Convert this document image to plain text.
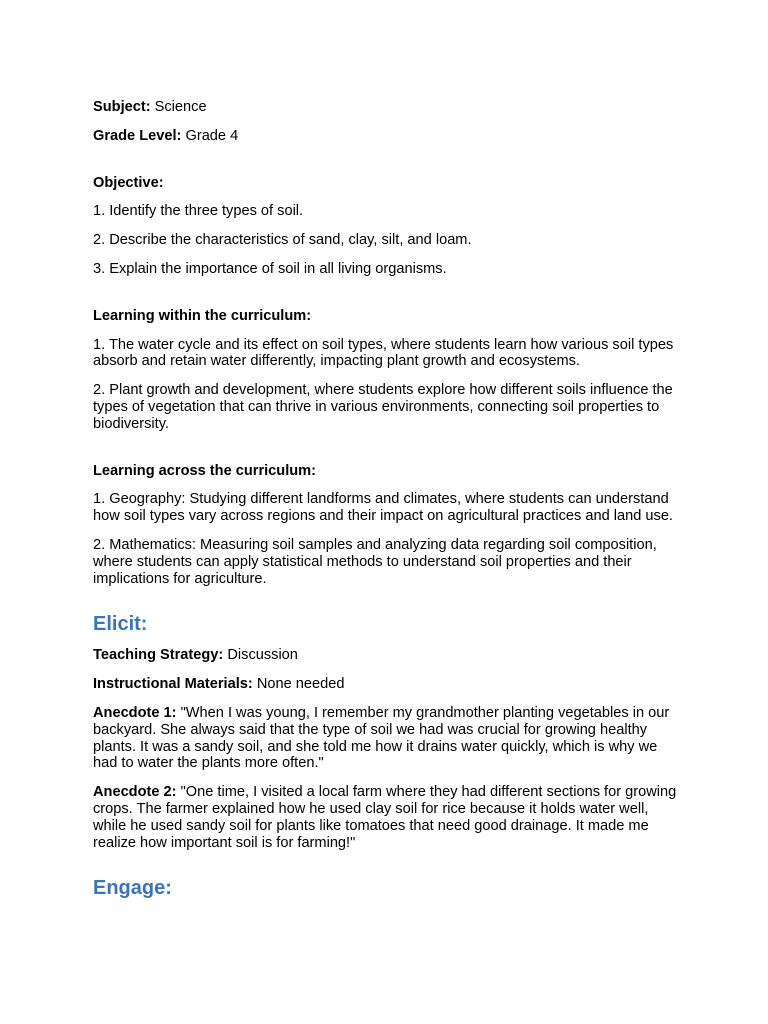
Subject: Science

Grade Level: Grade 4

Objective:

1. Identify the three types of soil.

2. Describe the characteristics of sand, clay, silt, and loam.

3. Explain the importance of soil in all living organisms.

Learning within the curriculum:

1. The water cycle and its effect on soil types, where students learn how various soil types absorb and retain water differently, impacting plant growth and ecosystems.

2. Plant growth and development, where students explore how different soils influence the types of vegetation that can thrive in various environments, connecting soil properties to biodiversity.

Learning across the curriculum:

1. Geography: Studying different landforms and climates, where students can understand how soil types vary across regions and their impact on agricultural practices and land use.

2. Mathematics: Measuring soil samples and analyzing data regarding soil composition, where students can apply statistical methods to understand soil properties and their implications for agriculture.

Elicit:

Teaching Strategy: Discussion

Instructional Materials: None needed

Anecdote 1: "When I was young, I remember my grandmother planting vegetables in our backyard. She always said that the type of soil we had was crucial for growing healthy plants. It was a sandy soil, and she told me how it drains water quickly, which is why we had to water the plants more often."

Anecdote 2: "One time, I visited a local farm where they had different sections for growing crops. The farmer explained how he used clay soil for rice because it holds water well, while he used sandy soil for plants like tomatoes that need good drainage. It made me realize how important soil is for farming!"

Engage:
